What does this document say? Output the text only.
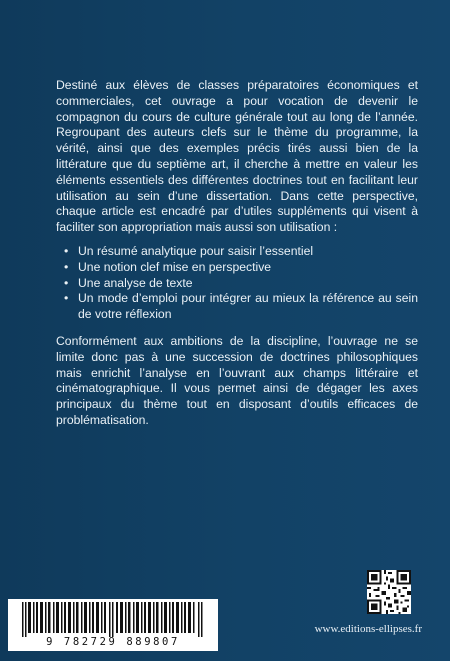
Destiné aux élèves de classes préparatoires économiques et commerciales, cet ouvrage a pour vocation de devenir le compagnon du cours de culture générale tout au long de l’année. Regroupant des auteurs clefs sur le thème du programme, la vérité, ainsi que des exemples précis tirés aussi bien de la littérature que du septième art, il cherche à mettre en valeur les éléments essentiels des différentes doctrines tout en facilitant leur utilisation au sein d’une dissertation. Dans cette perspective, chaque article est encadré par d’utiles suppléments qui visent à faciliter son appropriation mais aussi son utilisation :

• Un résumé analytique pour saisir l’essentiel
• Une notion clef mise en perspective
• Une analyse de texte
• Un mode d’emploi pour intégrer au mieux la référence au sein de votre réflexion

Conformément aux ambitions de la discipline, l’ouvrage ne se limite donc pas à une succession de doctrines philosophiques mais enrichit l’analyse en l’ouvrant aux champs littéraire et cinématographique. Il vous permet ainsi de dégager les axes principaux du thème tout en disposant d’outils efficaces de problématisation.

9 782729 889807
www.editions-ellipses.fr
